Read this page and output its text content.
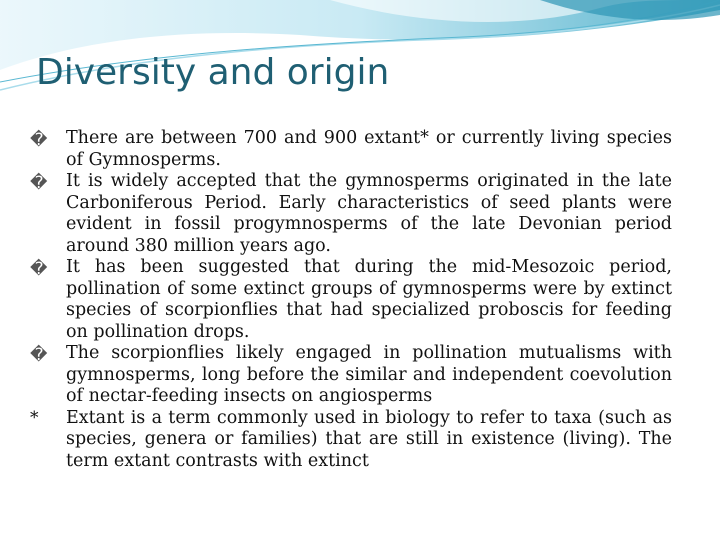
Diversity and origin
� There are between 700 and 900 extant* or currently living species of Gymnosperms.
� It is widely accepted that the gymnosperms originated in the late Carboniferous Period. Early characteristics of seed plants were evident in fossil progymnosperms of the late Devonian period around 380 million years ago.
� It has been suggested that during the mid-Mesozoic period, pollination of some extinct groups of gymnosperms were by extinct species of scorpionflies that had specialized proboscis for feeding on pollination drops.
� The scorpionflies likely engaged in pollination mutualisms with gymnosperms, long before the similar and independent coevolution of nectar-feeding insects on angiosperms
* Extant is a term commonly used in biology to refer to taxa (such as species, genera or families) that are still in existence (living). The term extant contrasts with extinct
